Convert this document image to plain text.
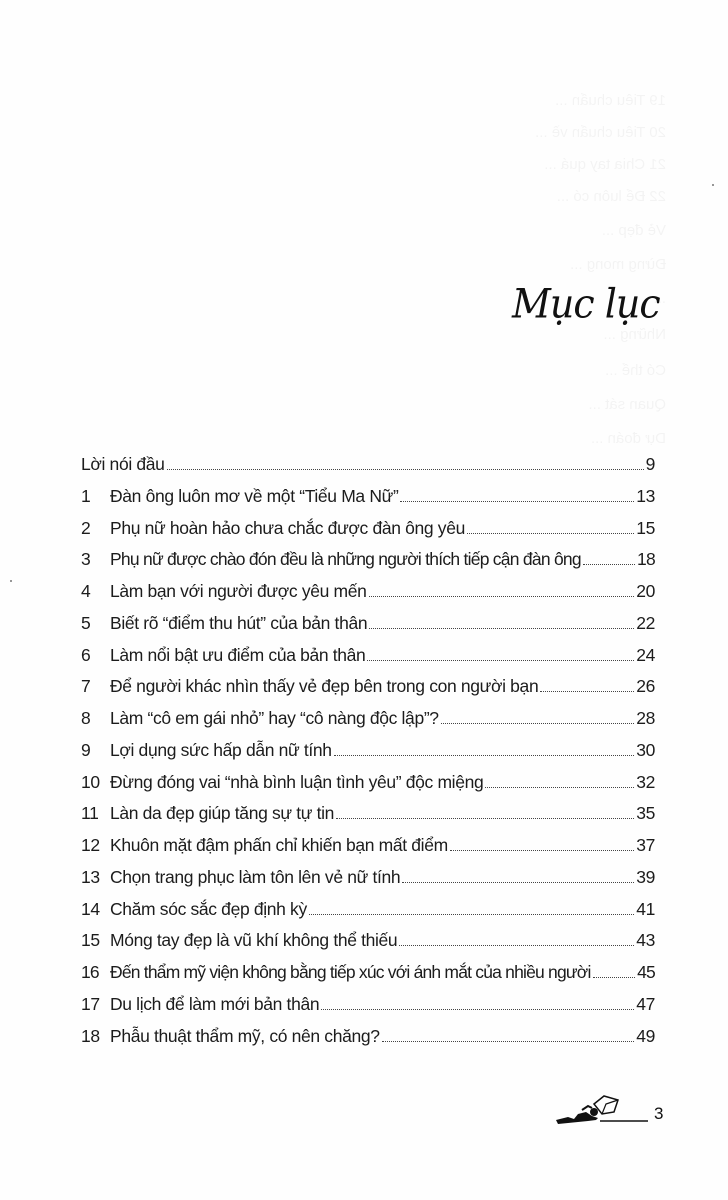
Mục lục
Lời nói đầu	9
1	Đàn ông luôn mơ về một “Tiểu Ma Nữ”	13
2	Phụ nữ hoàn hảo chưa chắc được đàn ông yêu	15
3	Phụ nữ được chào đón đều là những người thích tiếp cận đàn ông	18
4	Làm bạn với người được yêu mến	20
5	Biết rõ “điểm thu hút” của bản thân	22
6	Làm nổi bật ưu điểm của bản thân	24
7	Để người khác nhìn thấy vẻ đẹp bên trong con người bạn	26
8	Làm “cô em gái nhỏ” hay “cô nàng độc lập”?	28
9	Lợi dụng sức hấp dẫn nữ tính	30
10 Đừng đóng vai “nhà bình luận tình yêu” độc miệng	32
11 Làn da đẹp giúp tăng sự tự tin	35
12 Khuôn mặt đậm phấn chỉ khiến bạn mất điểm	37
13 Chọn trang phục làm tôn lên vẻ nữ tính	39
14 Chăm sóc sắc đẹp định kỳ	41
15 Móng tay đẹp là vũ khí không thể thiếu	43
16 Đến thẩm mỹ viện không bằng tiếp xúc với ánh mắt của nhiều người	45
17 Du lịch để làm mới bản thân	47
18 Phẫu thuật thẩm mỹ, có nên chăng?	49
3
